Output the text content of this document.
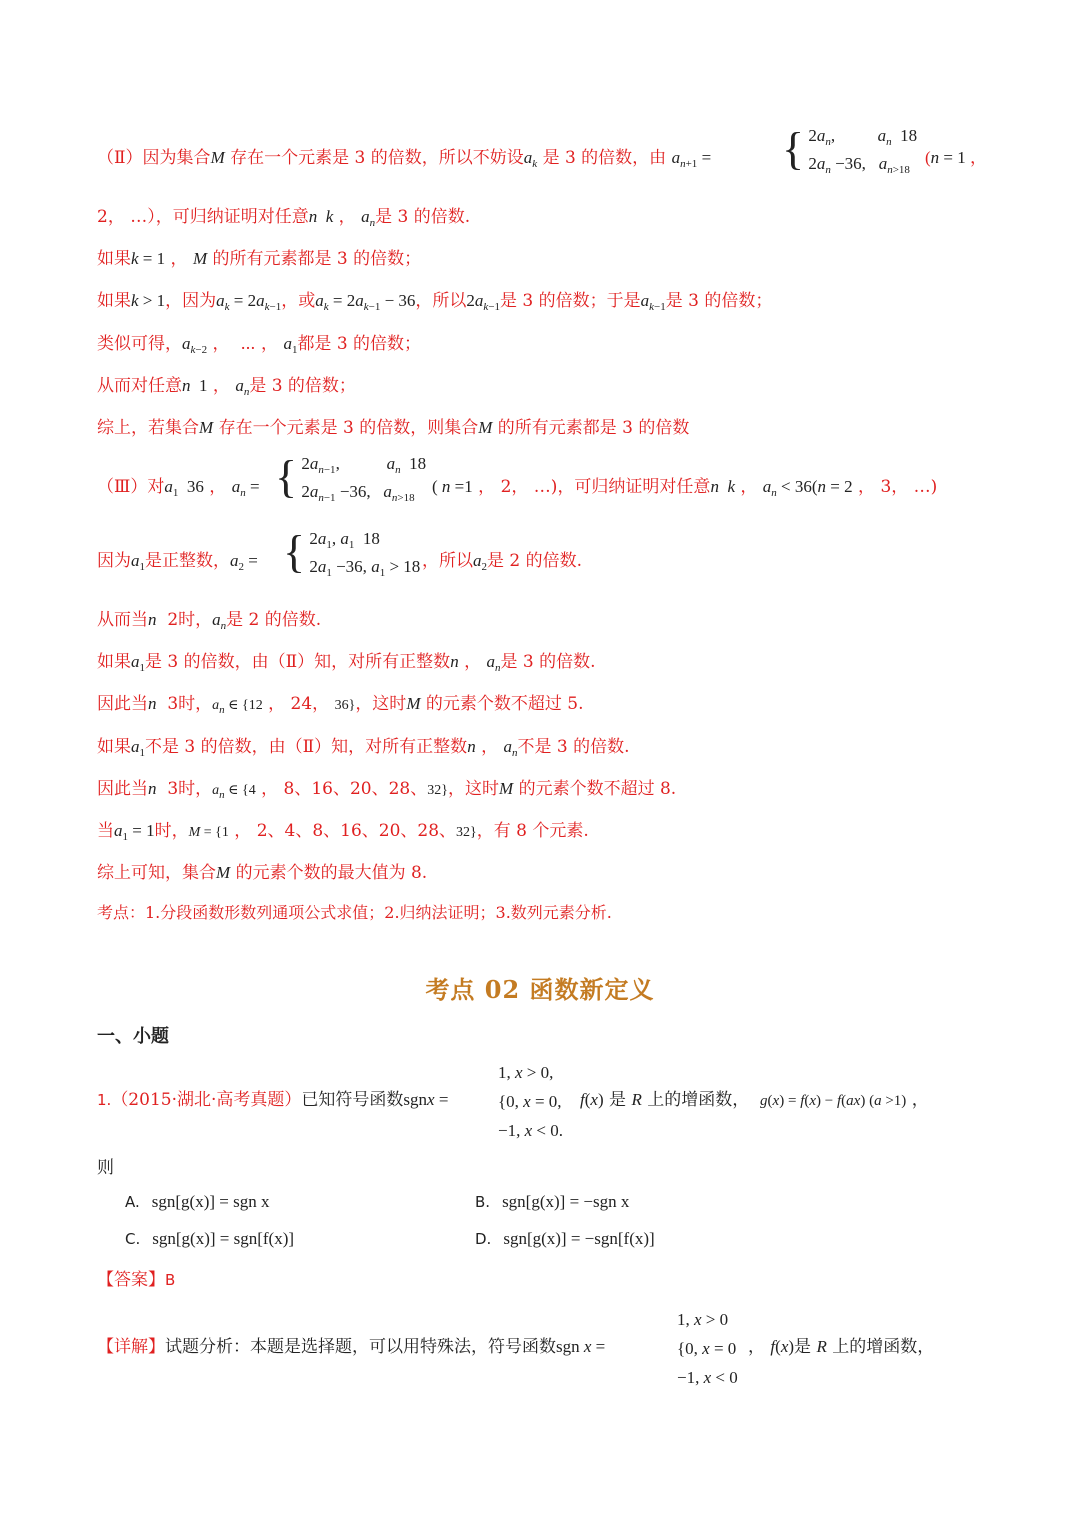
（Ⅱ）因为集合M 存在一个元素是 3 的倍数，所以不妨设$a_k$ 是 3 的倍数，由 $a_{n+1}$ = { $2a_n$,          $a_n$  18
$2a_n -36$,   $a_{n>18}$
(n = 1 ，
2， …），可归纳证明对任意n  k ， $a_n$是 3 的倍数.
如果k = 1 ， M 的所有元素都是 3 的倍数；
如果k > 1，因为$a_k = 2a_{k-1}$，或$a_k = 2a_{k-1} - 36$，所以$2a_{k-1}$是 3 的倍数；于是$a_{k-1}$是 3 的倍数；
类似可得，$a_{k-2}$ ，  ⋯ ， $a_1$都是 3 的倍数；
从而对任意n  1 ， $a_n$是 3 的倍数；
综上，若集合M 存在一个元素是 3 的倍数，则集合M 的所有元素都是 3 的倍数
（Ⅲ）对$a_1$  36 ， $a_n$ = { $2a_{n-1}$,           $a_n$  18
$2a_{n-1} -36$,   $a_{n>18}$
( n =1 ， 2， …)，可归纳证明对任意n  k ， $a_n < 36(n = 2$ ， 3， …)
因为$a_1$是正整数，$a_2$ = { $2a_1$, $a_1$  18
$2a_1 -36$, $a_1 > 18$ ，所以$a_2$是 2 的倍数.
从而当n 2时，$a_n$是 2 的倍数.
如果$a_1$是 3 的倍数，由（Ⅱ）知，对所有正整数n ， $a_n$是 3 的倍数.
因此当n 3时，$a_n$ ∈ {12 ， 24， 36}，这时M 的元素个数不超过 5.
如果$a_1$不是 3 的倍数，由（Ⅱ）知，对所有正整数n ， $a_n$不是 3 的倍数.
因此当n 3时，$a_n$ ∈ {4 ， 8、16、20、28、32}，这时M 的元素个数不超过 8.
当$a_1 = 1$时，M = {1 ， 2、4、8、16、20、28、32}，有 8 个元素.
综上可知，集合M 的元素个数的最大值为 8.
考点：1.分段函数形数列通项公式求值；2.归纳法证明；3.数列元素分析.
考点 02 函数新定义
一、小题
1, x > 0,
{0, x = 0,
−1, x < 0.
1.（2015·湖北·高考真题）已知符号函数sgnx =	f(x) 是 R 上的增函数， g(x) = f(x) − f(ax) (a >1) ，
则
A. sgn[g(x)] = sgn x	B. sgn[g(x)] = −sgn x
C. sgn[g(x)] = sgn[f(x)]	D. sgn[g(x)] = −sgn[f(x)]
【答案】B
1, x > 0
{0, x = 0
−1, x < 0
【详解】试题分析：本题是选择题，可以用特殊法，符号函数sgn x =	， f(x)是 R 上的增函数，
